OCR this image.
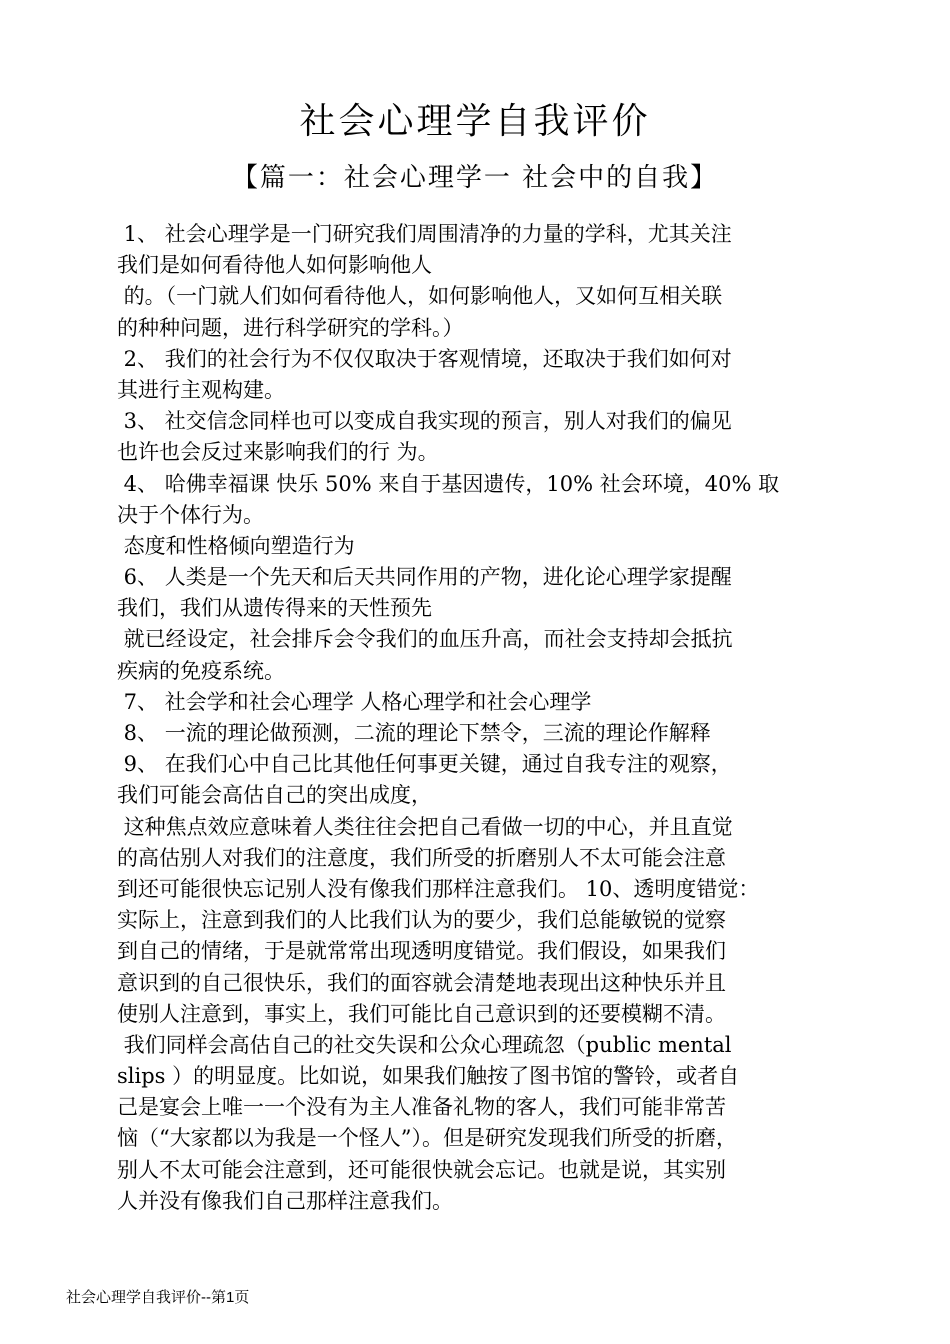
社会心理学自我评价
【篇一：社会心理学一 社会中的自我】
1、 社会心理学是一门研究我们周围清净的力量的学科，尤其关注
我们是如何看待他人如何影响他人
的。（一门就人们如何看待他人，如何影响他人，又如何互相关联
的种种问题，进行科学研究的学科。）
2、 我们的社会行为不仅仅取决于客观情境，还取决于我们如何对
其进行主观构建。
3、 社交信念同样也可以变成自我实现的预言，别人对我们的偏见
也许也会反过来影响我们的行 为。
4、 哈佛幸福课 快乐 50% 来自于基因遗传，10% 社会环境，40% 取
决于个体行为。
态度和性格倾向塑造行为
6、 人类是一个先天和后天共同作用的产物，进化论心理学家提醒
我们，我们从遗传得来的天性预先
就已经设定，社会排斥会令我们的血压升高，而社会支持却会抵抗
疾病的免疫系统。
7、 社会学和社会心理学 人格心理学和社会心理学
8、 一流的理论做预测，二流的理论下禁令，三流的理论作解释
9、 在我们心中自己比其他任何事更关键，通过自我专注的观察，
我们可能会高估自己的突出成度，
这种焦点效应意味着人类往往会把自己看做一切的中心，并且直觉
的高估别人对我们的注意度，我们所受的折磨别人不太可能会注意
到还可能很快忘记别人没有像我们那样注意我们。 10、透明度错觉：
实际上，注意到我们的人比我们认为的要少，我们总能敏锐的觉察
到自己的情绪，于是就常常出现透明度错觉。我们假设，如果我们
意识到的自己很快乐，我们的面容就会清楚地表现出这种快乐并且
使别人注意到，事实上，我们可能比自己意识到的还要模糊不清。
我们同样会高估自己的社交失误和公众心理疏忽（public mental
slips ）的明显度。比如说，如果我们触按了图书馆的警铃，或者自
己是宴会上唯一一个没有为主人准备礼物的客人，我们可能非常苦
恼（“大家都以为我是一个怪人”）。但是研究发现我们所受的折磨，
别人不太可能会注意到，还可能很快就会忘记。也就是说，其实别
人并没有像我们自己那样注意我们。
社会心理学自我评价--第1页
